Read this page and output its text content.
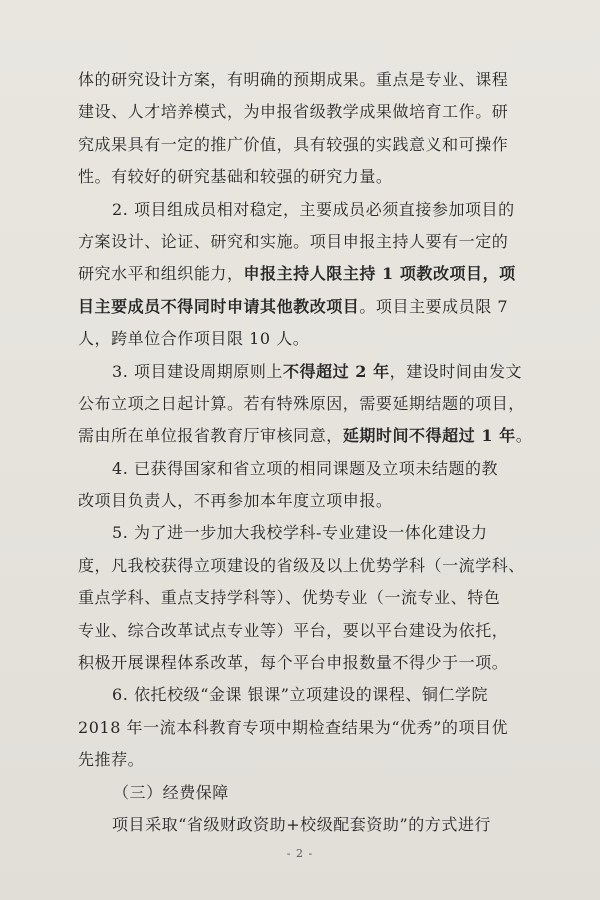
体的研究设计方案，有明确的预期成果。重点是专业、课程
建设、人才培养模式，为申报省级教学成果做培育工作。研
究成果具有一定的推广价值，具有较强的实践意义和可操作
性。有较好的研究基础和较强的研究力量。
2. 项目组成员相对稳定，主要成员必须直接参加项目的
方案设计、论证、研究和实施。项目申报主持人要有一定的
研究水平和组织能力，申报主持人限主持 1 项教改项目，项
目主要成员不得同时申请其他教改项目。项目主要成员限 7
人，跨单位合作项目限 10 人。
3. 项目建设周期原则上不得超过 2 年，建设时间由发文
公布立项之日起计算。若有特殊原因，需要延期结题的项目，
需由所在单位报省教育厅审核同意，延期时间不得超过 1 年。
4. 已获得国家和省立项的相同课题及立项未结题的教
改项目负责人，不再参加本年度立项申报。
5. 为了进一步加大我校学科-专业建设一体化建设力
度，凡我校获得立项建设的省级及以上优势学科（一流学科、
重点学科、重点支持学科等）、优势专业（一流专业、特色
专业、综合改革试点专业等）平台，要以平台建设为依托，
积极开展课程体系改革，每个平台申报数量不得少于一项。
6. 依托校级“金课 银课”立项建设的课程、铜仁学院
2018 年一流本科教育专项中期检查结果为“优秀”的项目优
先推荐。
（三）经费保障
项目采取“省级财政资助+校级配套资助”的方式进行
- 2 -
